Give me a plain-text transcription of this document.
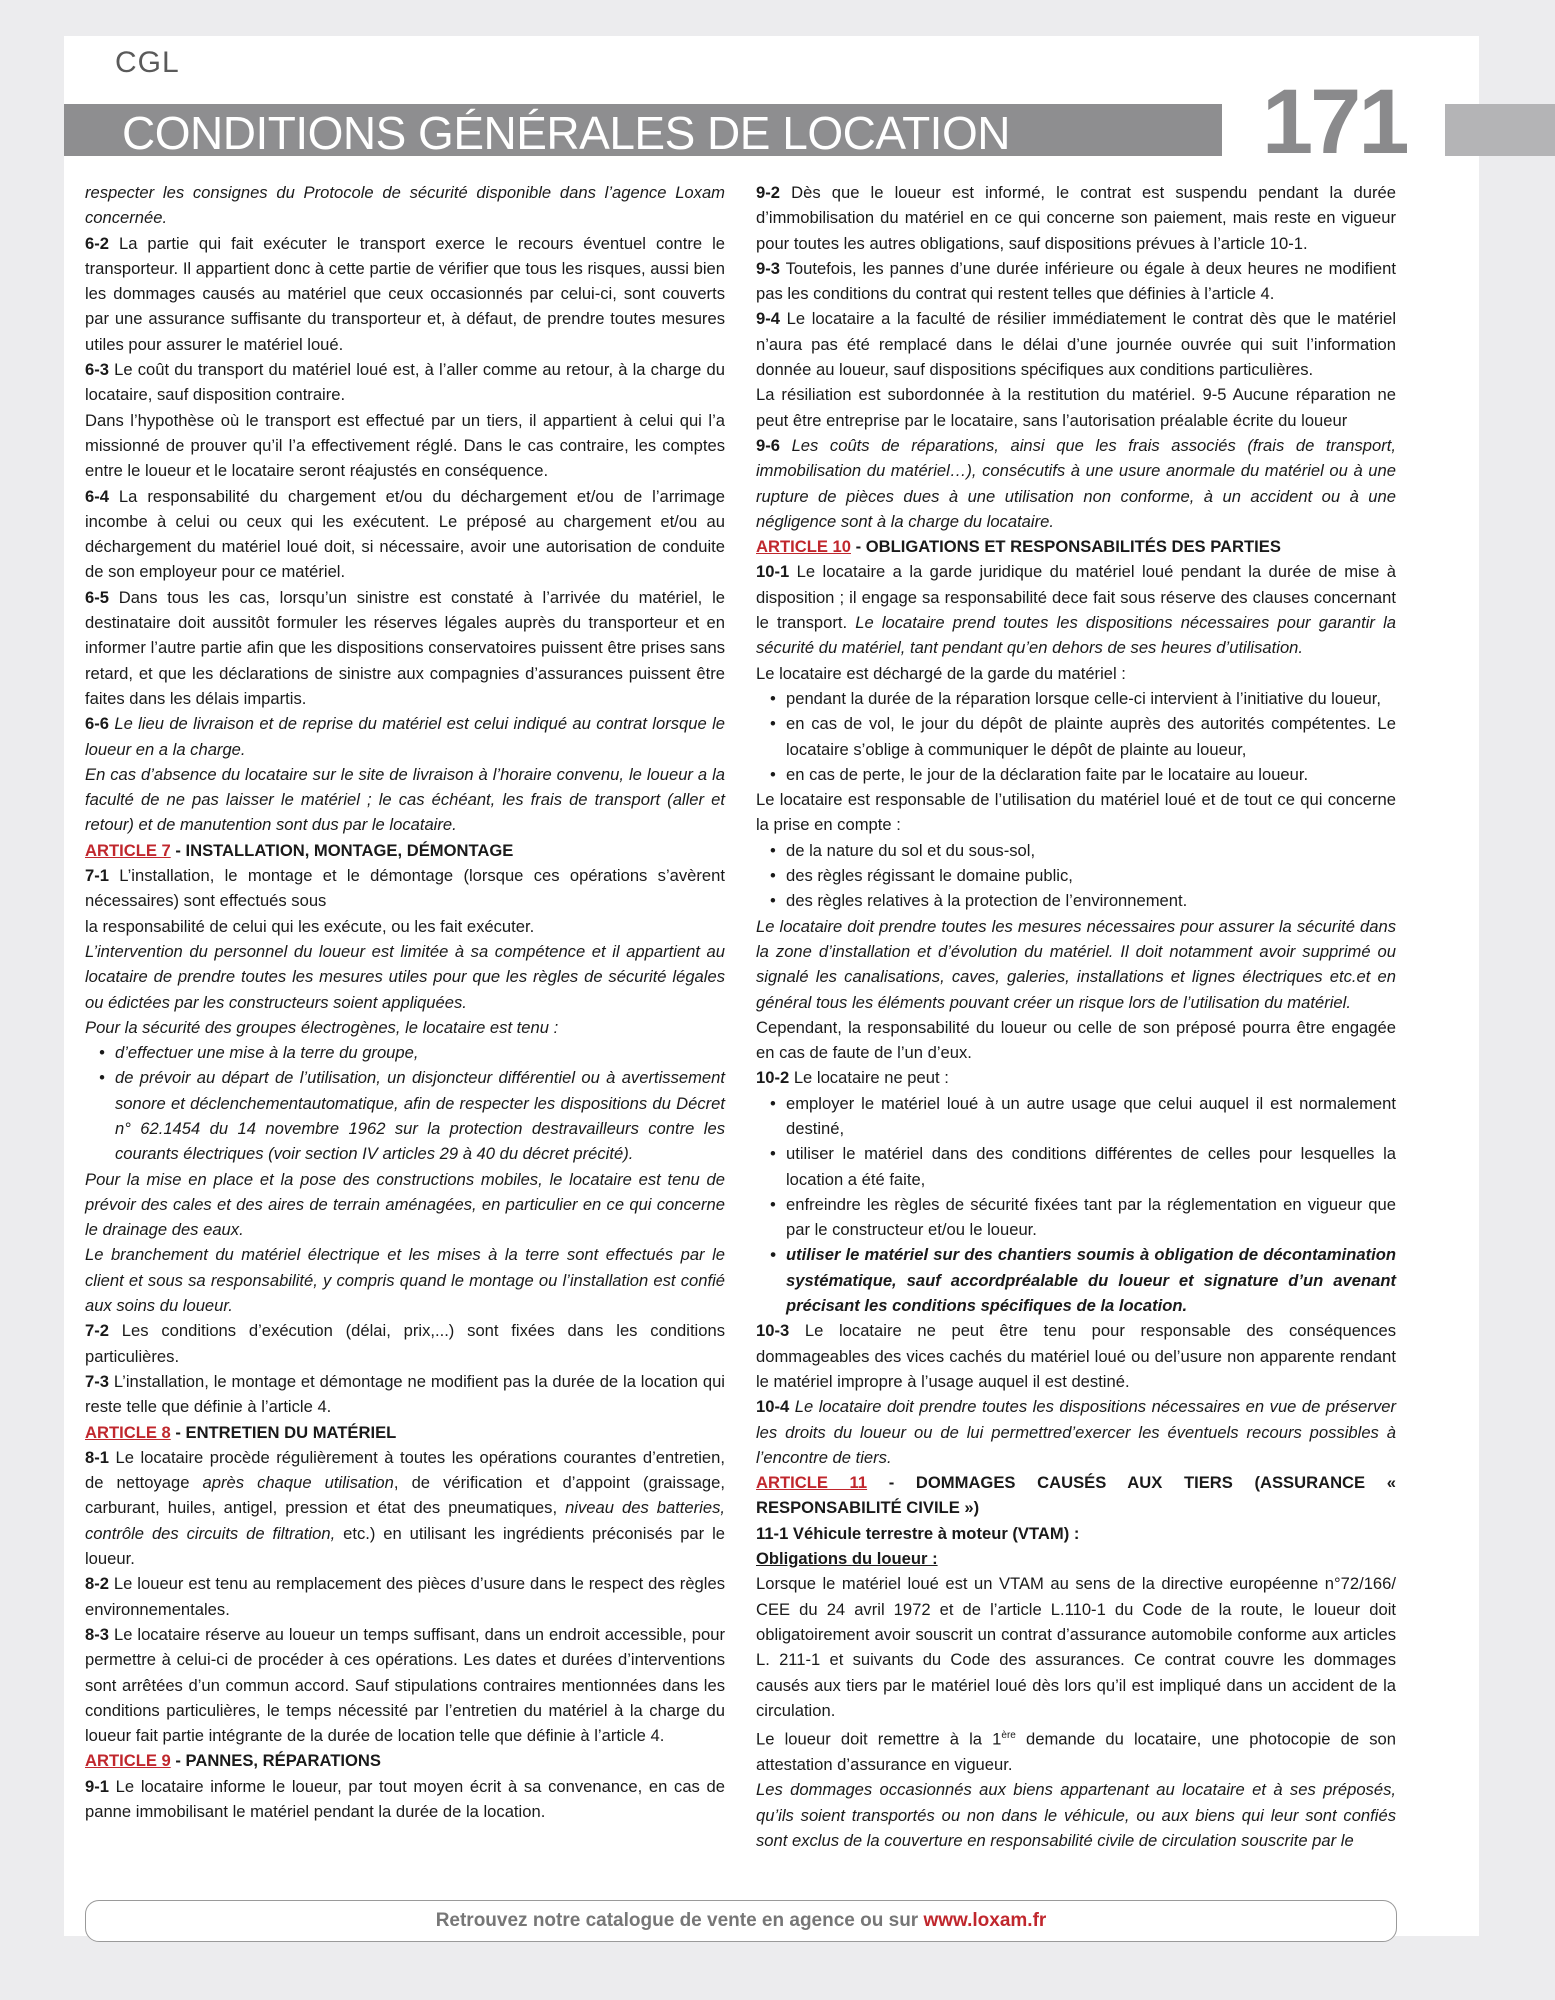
CGL
CONDITIONS GÉNÉRALES DE LOCATION	171

respecter les consignes du Protocole de sécurité disponible dans l’agence Loxam concernée.

6-2 La partie qui fait exécuter le transport exerce le recours éventuel contre le transporteur. Il appartient donc à cette partie de vérifier que tous les risques, aussi bien les dommages causés au matériel que ceux occasionnés par celui-ci, sont couverts par une assurance suffisante du transporteur et, à défaut, de prendre toutes mesures utiles pour assurer le matériel loué.

6-3 Le coût du transport du matériel loué est, à l’aller comme au retour, à la charge du locataire, sauf disposition contraire.

Dans l’hypothèse où le transport est effectué par un tiers, il appartient à celui qui l’a missionné de prouver qu’il l’a effectivement réglé. Dans le cas contraire, les comptes entre le loueur et le locataire seront réajustés en conséquence.

6-4 La responsabilité du chargement et/ou du déchargement et/ou de l’arrimage incombe à celui ou ceux qui les exécutent. Le préposé au chargement et/ou au déchargement du matériel loué doit, si nécessaire, avoir une autorisation de conduite de son employeur pour ce matériel.

6-5 Dans tous les cas, lorsqu’un sinistre est constaté à l’arrivée du matériel, le destinataire doit aussitôt formuler les réserves légales auprès du transporteur et en informer l’autre partie afin que les dispositions conservatoires puissent être prises sans retard, et que les déclarations de sinistre aux compagnies d’assurances puissent être faites dans les délais impartis.

6-6 Le lieu de livraison et de reprise du matériel est celui indiqué au contrat lorsque le loueur en a la charge.

En cas d’absence du locataire sur le site de livraison à l’horaire convenu, le loueur a la faculté de ne pas laisser le matériel ; le cas échéant, les frais de transport (aller et retour) et de manutention sont dus par le locataire.

ARTICLE 7 - INSTALLATION, MONTAGE, DÉMONTAGE

7-1 L’installation, le montage et le démontage (lorsque ces opérations s’avèrent nécessaires) sont effectués sous

la responsabilité de celui qui les exécute, ou les fait exécuter.

L’intervention du personnel du loueur est limitée à sa compétence et il appartient au locataire de prendre toutes les mesures utiles pour que les règles de sécurité légales ou édictées par les constructeurs soient appliquées.

Pour la sécurité des groupes électrogènes, le locataire est tenu :

• d’effectuer une mise à la terre du groupe,
• de prévoir au départ de l’utilisation, un disjoncteur différentiel ou à avertissement sonore et déclenchementautomatique, afin de respecter les dispositions du Décret n° 62.1454 du 14 novembre 1962 sur la protection destravailleurs contre les courants électriques (voir section IV articles 29 à 40 du décret précité).

Pour la mise en place et la pose des constructions mobiles, le locataire est tenu de prévoir des cales et des aires de terrain aménagées, en particulier en ce qui concerne le drainage des eaux.

Le branchement du matériel électrique et les mises à la terre sont effectués par le client et sous sa responsabilité, y compris quand le montage ou l’installation est confié aux soins du loueur.

7-2 Les conditions d’exécution (délai, prix,...) sont fixées dans les conditions particulières.

7-3 L’installation, le montage et démontage ne modifient pas la durée de la location qui reste telle que définie à l’article 4.

ARTICLE 8 - ENTRETIEN DU MATÉRIEL

8-1 Le locataire procède régulièrement à toutes les opérations courantes d’entretien, de nettoyage après chaque utilisation, de vérification et d’appoint (graissage, carburant, huiles, antigel, pression et état des pneumatiques, niveau des batteries, contrôle des circuits de filtration, etc.) en utilisant les ingrédients préconisés par le loueur.

8-2 Le loueur est tenu au remplacement des pièces d’usure dans le respect des règles environnementales.

8-3 Le locataire réserve au loueur un temps suffisant, dans un endroit accessible, pour permettre à celui-ci de procéder à ces opérations. Les dates et durées d’interventions sont arrêtées d’un commun accord. Sauf stipulations contraires mentionnées dans les conditions particulières, le temps nécessité par l’entretien du matériel à la charge du loueur fait partie intégrante de la durée de location telle que définie à l’article 4.

ARTICLE 9 - PANNES, RÉPARATIONS

9-1 Le locataire informe le loueur, par tout moyen écrit à sa convenance, en cas de panne immobilisant le matériel pendant la durée de la location.

9-2 Dès que le loueur est informé, le contrat est suspendu pendant la durée d’immobilisation du matériel en ce qui concerne son paiement, mais reste en vigueur pour toutes les autres obligations, sauf dispositions prévues à l’article 10-1.

9-3 Toutefois, les pannes d’une durée inférieure ou égale à deux heures ne modifient pas les conditions du contrat qui restent telles que définies à l’article 4.

9-4 Le locataire a la faculté de résilier immédiatement le contrat dès que le matériel n’aura pas été remplacé dans le délai d’une journée ouvrée qui suit l’information donnée au loueur, sauf dispositions spécifiques aux conditions particulières.

La résiliation est subordonnée à la restitution du matériel. 9-5 Aucune réparation ne peut être entreprise par le locataire, sans l’autorisation préalable écrite du loueur

9-6 Les coûts de réparations, ainsi que les frais associés (frais de transport, immobilisation du matériel…), consécutifs à une usure anormale du matériel ou à une rupture de pièces dues à une utilisation non conforme, à un accident ou à une négligence sont à la charge du locataire.

ARTICLE 10 - OBLIGATIONS ET RESPONSABILITÉS DES PARTIES

10-1 Le locataire a la garde juridique du matériel loué pendant la durée de mise à disposition ; il engage sa responsabilité dece fait sous réserve des clauses concernant le transport. Le locataire prend toutes les dispositions nécessaires pour garantir la sécurité du matériel, tant pendant qu’en dehors de ses heures d’utilisation.

Le locataire est déchargé de la garde du matériel :

• pendant la durée de la réparation lorsque celle-ci intervient à l’initiative du loueur,
• en cas de vol, le jour du dépôt de plainte auprès des autorités compétentes. Le locataire s’oblige à communiquer le dépôt de plainte au loueur,
• en cas de perte, le jour de la déclaration faite par le locataire au loueur.

Le locataire est responsable de l’utilisation du matériel loué et de tout ce qui concerne la prise en compte :

• de la nature du sol et du sous-sol,
• des règles régissant le domaine public,
• des règles relatives à la protection de l’environnement.

Le locataire doit prendre toutes les mesures nécessaires pour assurer la sécurité dans la zone d’installation et d’évolution du matériel. Il doit notamment avoir supprimé ou signalé les canalisations, caves, galeries, installations et lignes électriques etc.et en général tous les éléments pouvant créer un risque lors de l’utilisation du matériel.

Cependant, la responsabilité du loueur ou celle de son préposé pourra être engagée en cas de faute de l’un d’eux.

10-2 Le locataire ne peut :

• employer le matériel loué à un autre usage que celui auquel il est normalement destiné,
• utiliser le matériel dans des conditions différentes de celles pour lesquelles la location a été faite,
• enfreindre les règles de sécurité fixées tant par la réglementation en vigueur que par le constructeur et/ou le loueur.
• utiliser le matériel sur des chantiers soumis à obligation de décontamination systématique, sauf accordpréalable du loueur et signature d’un avenant précisant les conditions spécifiques de la location.

10-3 Le locataire ne peut être tenu pour responsable des conséquences dommageables des vices cachés du matériel loué ou del’usure non apparente rendant le matériel impropre à l’usage auquel il est destiné.

10-4 Le locataire doit prendre toutes les dispositions nécessaires en vue de préserver les droits du loueur ou de lui permettred’exercer les éventuels recours possibles à l’encontre de tiers.

ARTICLE 11 - DOMMAGES CAUSÉS AUX TIERS (ASSURANCE « RESPONSABILITÉ CIVILE »)

11-1 Véhicule terrestre à moteur (VTAM) :

Obligations du loueur :

Lorsque le matériel loué est un VTAM au sens de la directive européenne n°72/166/ CEE du 24 avril 1972 et de l’article L.110-1 du Code de la route, le loueur doit obligatoirement avoir souscrit un contrat d’assurance automobile conforme aux articles L. 211-1 et suivants du Code des assurances. Ce contrat couvre les dommages causés aux tiers par le matériel loué dès lors qu’il est impliqué dans un accident de la circulation.

Le loueur doit remettre à la 1ère demande du locataire, une photocopie de son attestation d’assurance en vigueur.

Les dommages occasionnés aux biens appartenant au locataire et à ses préposés, qu’ils soient transportés ou non dans le véhicule, ou aux biens qui leur sont confiés sont exclus de la couverture en responsabilité civile de circulation souscrite par le

Retrouvez notre catalogue de vente en agence ou sur www.loxam.fr
